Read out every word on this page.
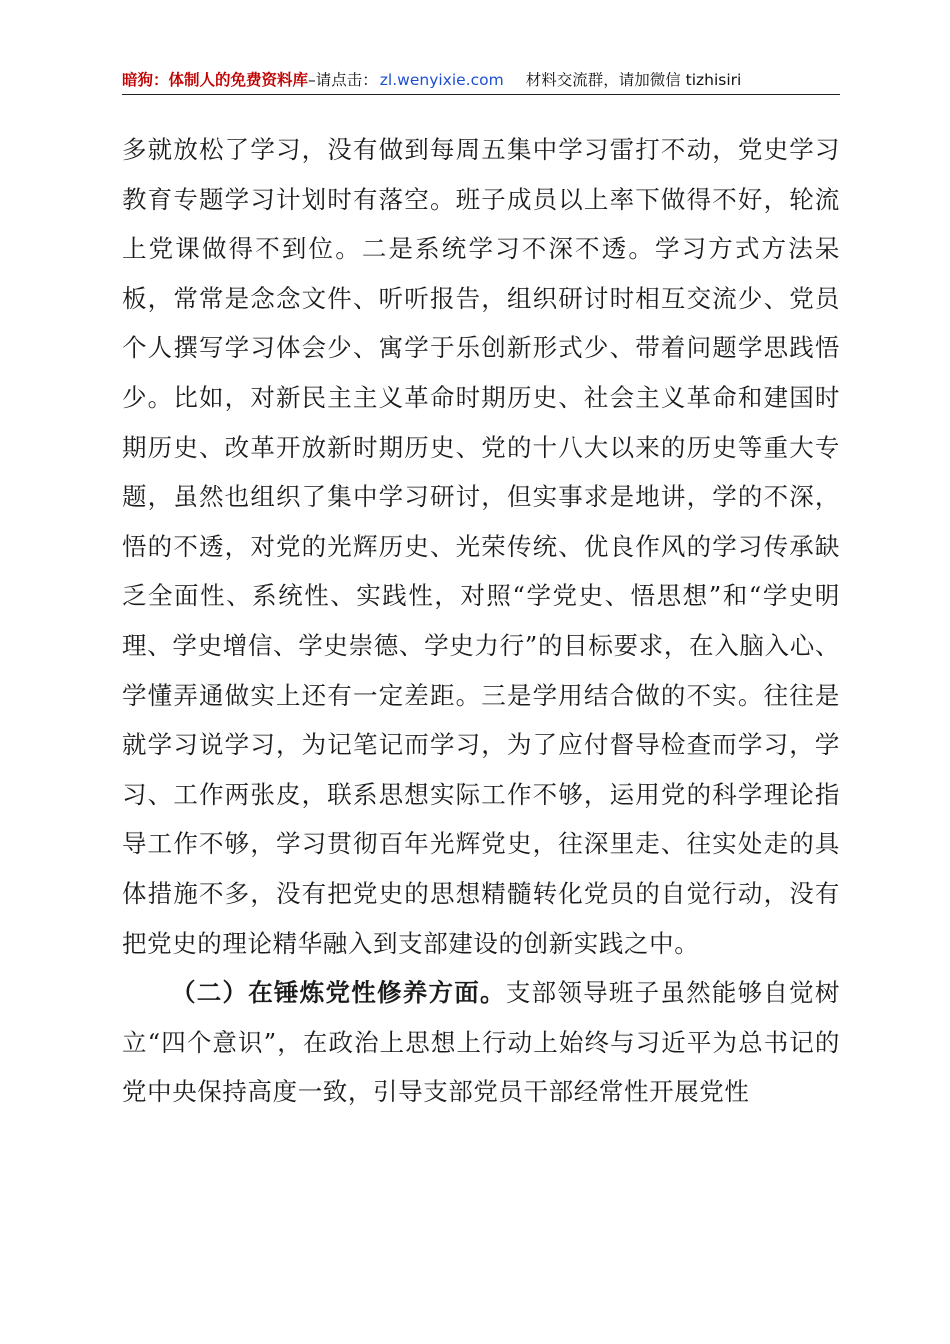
暗狗：体制人的免费资料库–请点击： zl.wenyixie.com 材料交流群，请加微信 tizhisiri

多就放松了学习，没有做到每周五集中学习雷打不动，党史学习教育专题学习计划时有落空。班子成员以上率下做得不好，轮流上党课做得不到位。二是系统学习不深不透。学习方式方法呆板，常常是念念文件、听听报告，组织研讨时相互交流少、党员个人撰写学习体会少、寓学于乐创新形式少、带着问题学思践悟少。比如，对新民主主义革命时期历史、社会主义革命和建国时期历史、改革开放新时期历史、党的十八大以来的历史等重大专题，虽然也组织了集中学习研讨，但实事求是地讲，学的不深，悟的不透，对党的光辉历史、光荣传统、优良作风的学习传承缺乏全面性、系统性、实践性，对照“学党史、悟思想”和“学史明理、学史增信、学史崇德、学史力行”的目标要求，在入脑入心、学懂弄通做实上还有一定差距。三是学用结合做的不实。往往是就学习说学习，为记笔记而学习，为了应付督导检查而学习，学习、工作两张皮，联系思想实际工作不够，运用党的科学理论指导工作不够，学习贯彻百年光辉党史，往深里走、往实处走的具体措施不多，没有把党史的思想精髓转化党员的自觉行动，没有把党史的理论精华融入到支部建设的创新实践之中。

（二）在锤炼党性修养方面。支部领导班子虽然能够自觉树立“四个意识”，在政治上思想上行动上始终与习近平为总书记的党中央保持高度一致，引导支部党员干部经常性开展党性
